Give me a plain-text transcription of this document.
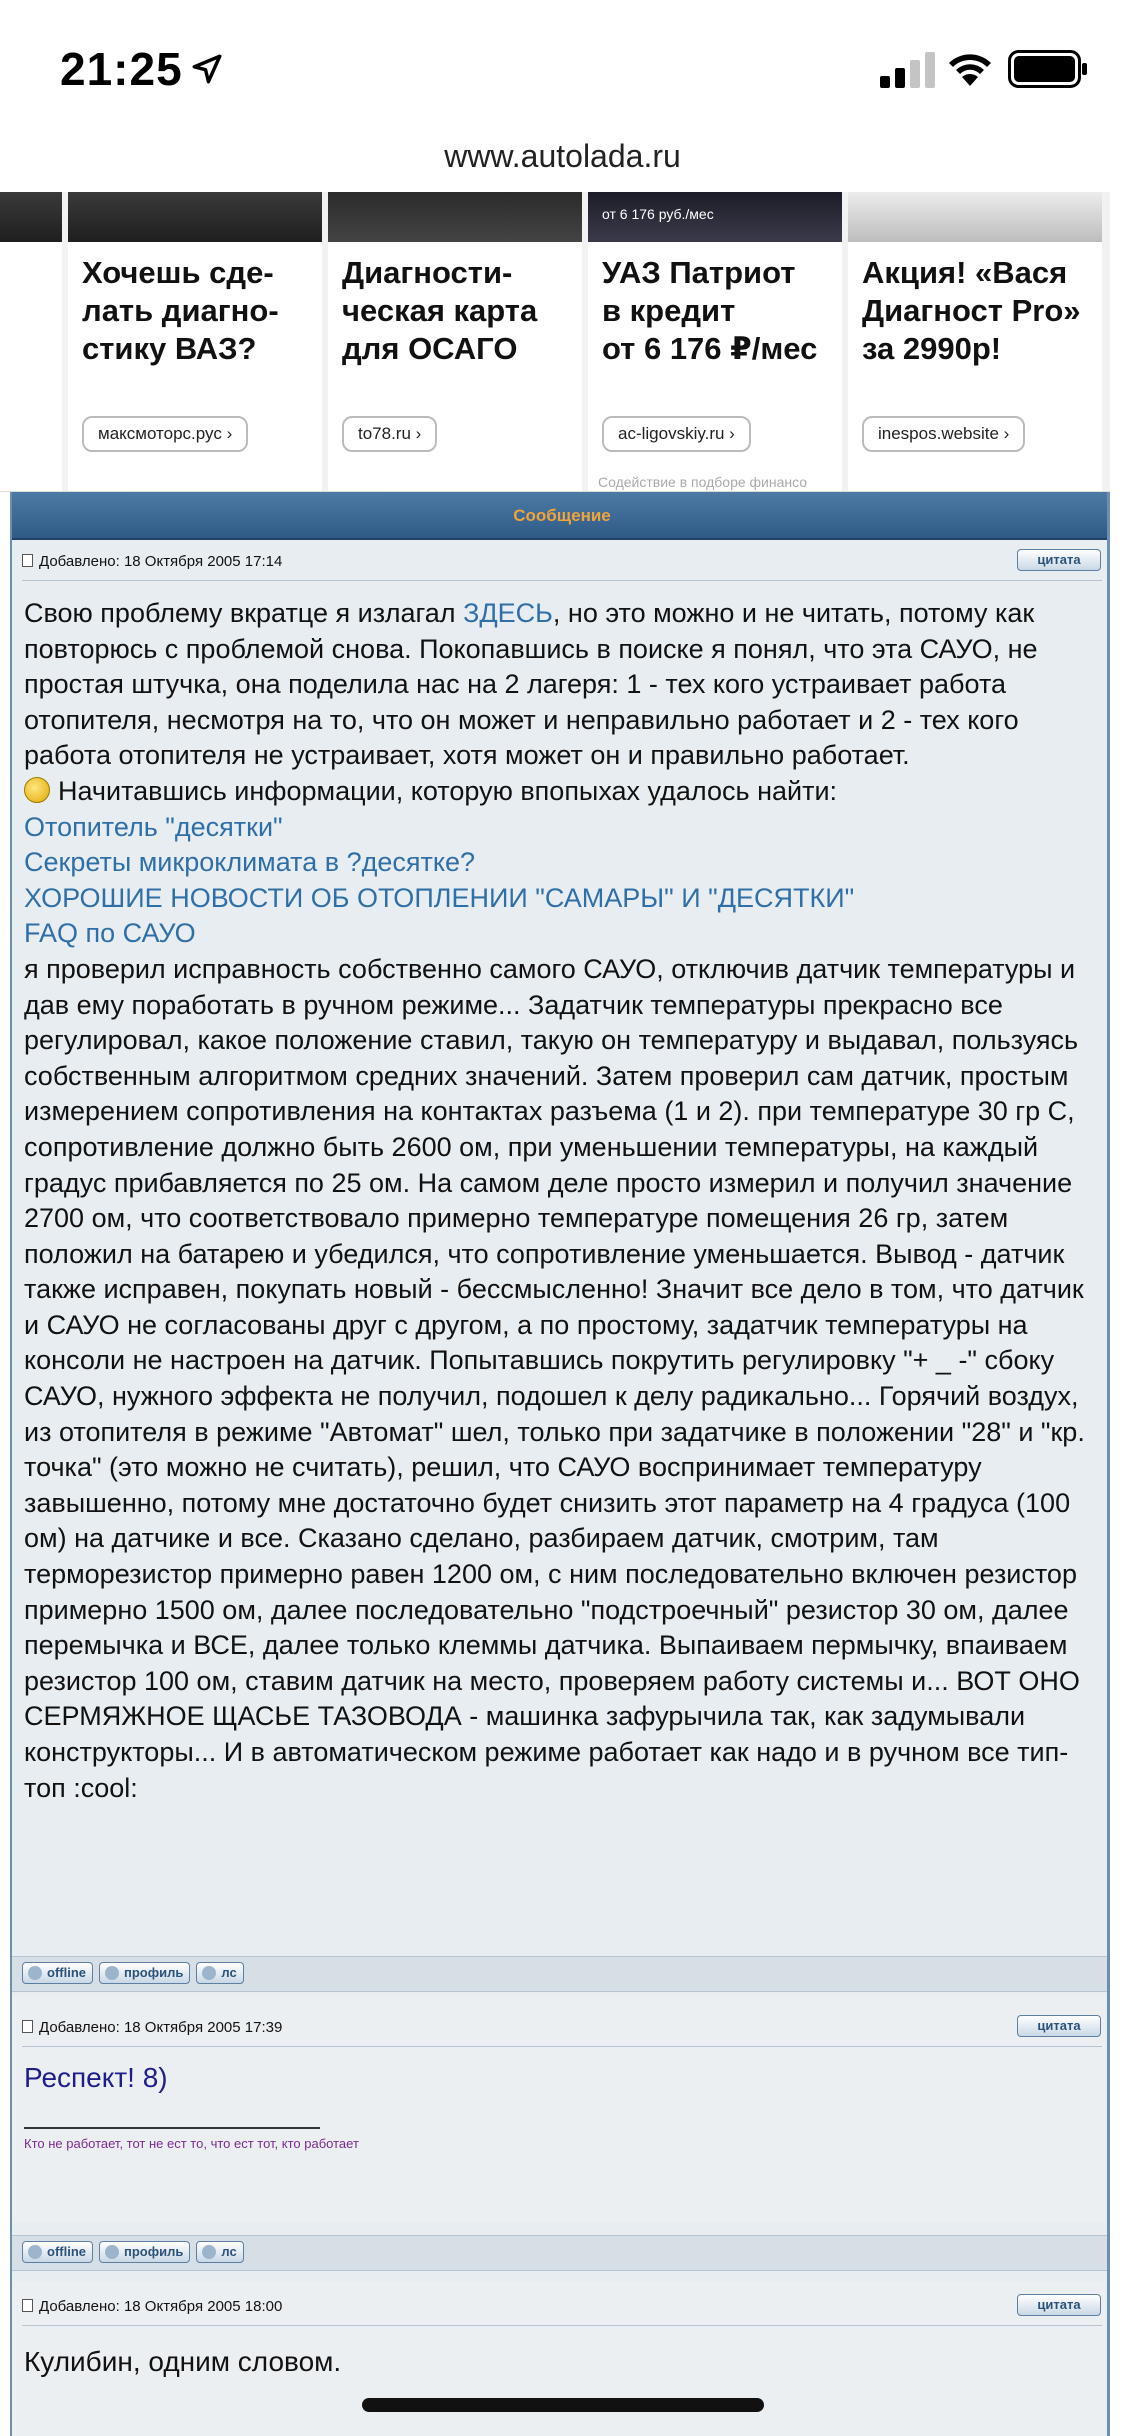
21:25
www.autolada.ru
Хочешь сде-
лать диагно-
стику ВАЗ?
максмоторс.рус ›
Диагности-
ческая карта
для ОСАГО
to78.ru ›
от 6 176 руб./мес
УАЗ Патриот
в кредит
от 6 176 ₽/мес
ac-ligovskiy.ru ›
Содействие в подборе финансо
Акция! «Вася
Диагност Pro»
за 2990р!
inespos.website ›
Сообщение
Добавлено: 18 Октября 2005 17:14	цитата
Свою проблему вкратце я излагал ЗДЕСЬ, но это можно и не читать, потому как повторюсь с проблемой снова. Покопавшись в поиске я понял, что эта САУО, не простая штучка, она поделила нас на 2 лагеря: 1 - тех кого устраивает работа отопителя, несмотря на то, что он может и неправильно работает и 2 - тех кого работа отопителя не устраивает, хотя может он и правильно работает.
Начитавшись информации, которую впопыхах удалось найти:
Отопитель "десятки"
Секреты микроклимата в ?десятке?
ХОРОШИЕ НОВОСТИ ОБ ОТОПЛЕНИИ "САМАРЫ" И "ДЕСЯТКИ"
FAQ по САУО
я проверил исправность собственно самого САУО, отключив датчик температуры и дав ему поработать в ручном режиме... Задатчик температуры прекрасно все регулировал, какое положение ставил, такую он температуру и выдавал, пользуясь собственным алгоритмом средних значений. Затем проверил сам датчик, простым измерением сопротивления на контактах разъема (1 и 2). при температуре 30 гр С, сопротивление должно быть 2600 ом, при уменьшении температуры, на каждый градус прибавляется по 25 ом. На самом деле просто измерил и получил значение 2700 ом, что соответствовало примерно температуре помещения 26 гр, затем положил на батарею и убедился, что сопротивление уменьшается. Вывод - датчик также исправен, покупать новый - бессмысленно! Значит все дело в том, что датчик и САУО не согласованы друг с другом, а по простому, задатчик температуры на консоли не настроен на датчик. Попытавшись покрутить регулировку "+ _ -" сбоку САУО, нужного эффекта не получил, подошел к делу радикально... Горячий воздух, из отопителя в режиме "Автомат" шел, только при задатчике в положении "28" и "кр. точка" (это можно не считать), решил, что САУО воспринимает температуру завышенно, потому мне достаточно будет снизить этот параметр на 4 градуса (100 ом) на датчике и все. Сказано сделано, разбираем датчик, смотрим, там терморезистор примерно равен 1200 ом, с ним последовательно включен резистор примерно 1500 ом, далее последовательно "подстроечный" резистор 30 ом, далее перемычка и ВСЕ, далее только клеммы датчика. Выпаиваем пермычку, впаиваем резистор 100 ом, ставим датчик на место, проверяем работу системы и... ВОТ ОНО СЕРМЯЖНОЕ ЩАСЬЕ ТАЗОВОДА - машинка зафурычила так, как задумывали конструкторы... И в автоматическом режиме работает как надо и в ручном все тип-топ :cool:
offline	профиль	лс
Добавлено: 18 Октября 2005 17:39	цитата
Респект! 8)
Кто не работает, тот не ест то, что ест тот, кто работает
offline	профиль	лс
Добавлено: 18 Октября 2005 18:00	цитата
Кулибин, одним словом.
